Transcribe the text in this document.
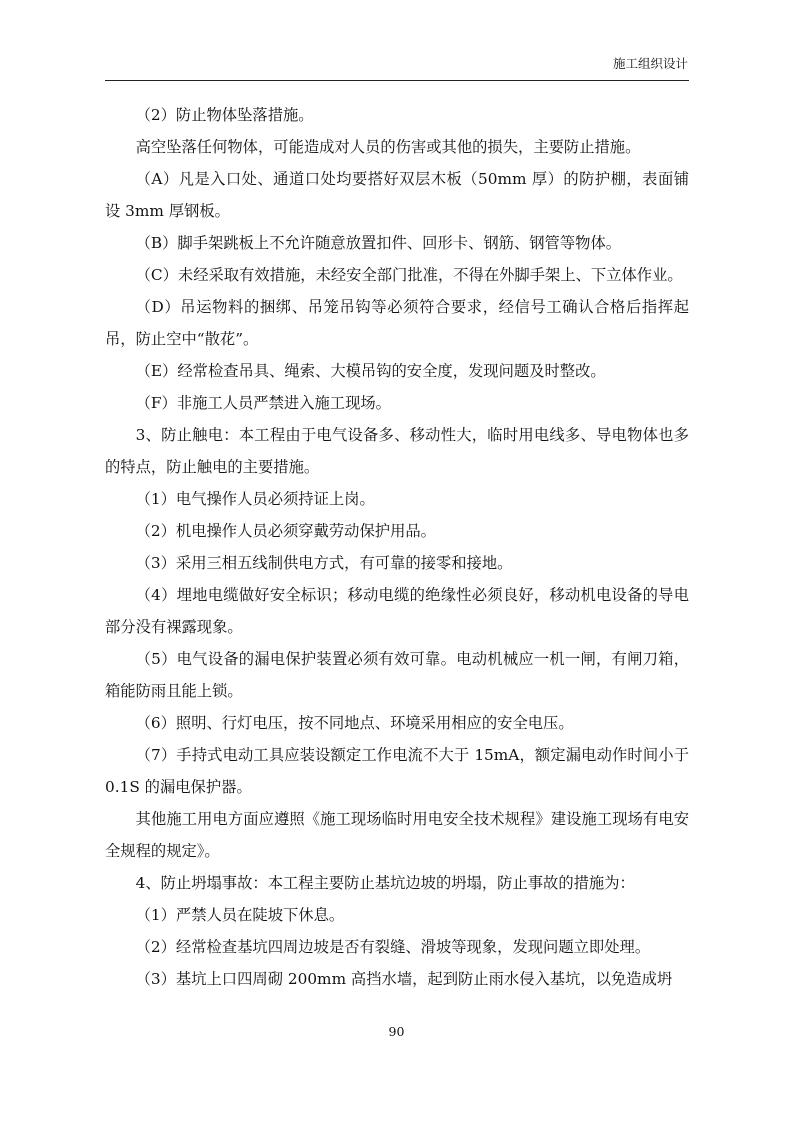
施工组织设计

（2）防止物体坠落措施。

高空坠落任何物体，可能造成对人员的伤害或其他的损失，主要防止措施。

（A）凡是入口处、通道口处均要搭好双层木板（50mm 厚）的防护棚，表面铺设 3mm 厚钢板。

（B）脚手架跳板上不允许随意放置扣件、回形卡、钢筋、钢管等物体。

（C）未经采取有效措施，未经安全部门批准，不得在外脚手架上、下立体作业。

（D）吊运物料的捆绑、吊笼吊钩等必须符合要求，经信号工确认合格后指挥起吊，防止空中“散花”。

（E）经常检查吊具、绳索、大模吊钩的安全度，发现问题及时整改。

（F）非施工人员严禁进入施工现场。

3、防止触电：本工程由于电气设备多、移动性大，临时用电线多、导电物体也多的特点，防止触电的主要措施。

（1）电气操作人员必须持证上岗。

（2）机电操作人员必须穿戴劳动保护用品。

（3）采用三相五线制供电方式，有可靠的接零和接地。

（4）埋地电缆做好安全标识；移动电缆的绝缘性必须良好，移动机电设备的导电部分没有裸露现象。

（5）电气设备的漏电保护装置必须有效可靠。电动机械应一机一闸，有闸刀箱，箱能防雨且能上锁。

（6）照明、行灯电压，按不同地点、环境采用相应的安全电压。

（7）手持式电动工具应装设额定工作电流不大于 15mA，额定漏电动作时间小于 0.1S 的漏电保护器。

其他施工用电方面应遵照《施工现场临时用电安全技术规程》建设施工现场有电安全规程的规定》。

4、防止坍塌事故：本工程主要防止基坑边坡的坍塌，防止事故的措施为：

（1）严禁人员在陡坡下休息。

（2）经常检查基坑四周边坡是否有裂缝、滑坡等现象，发现问题立即处理。

（3）基坑上口四周砌 200mm 高挡水墙，起到防止雨水侵入基坑，以免造成坍

90
